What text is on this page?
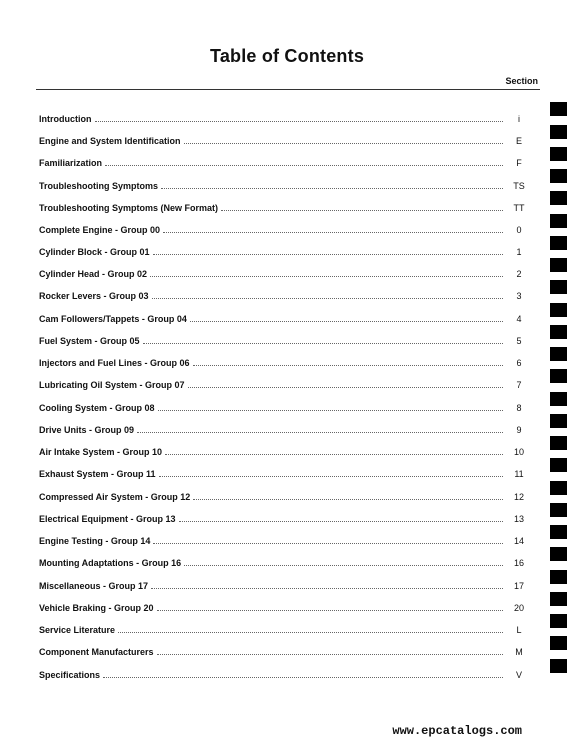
Table of Contents
Section
Introduction	i
Engine and System Identification	E
Familiarization	F
Troubleshooting Symptoms	TS
Troubleshooting Symptoms (New Format)	TT
Complete Engine - Group 00	0
Cylinder Block - Group 01	1
Cylinder Head - Group 02	2
Rocker Levers - Group 03	3
Cam Followers/Tappets - Group 04	4
Fuel System - Group 05	5
Injectors and Fuel Lines - Group 06	6
Lubricating Oil System - Group 07	7
Cooling System - Group 08	8
Drive Units - Group 09	9
Air Intake System - Group 10	10
Exhaust System - Group 11	11
Compressed Air System - Group 12	12
Electrical Equipment - Group 13	13
Engine Testing - Group 14	14
Mounting Adaptations - Group 16	16
Miscellaneous - Group 17	17
Vehicle Braking - Group 20	20
Service Literature	L
Component Manufacturers	M
Specifications	V
www.epcatalogs.com
